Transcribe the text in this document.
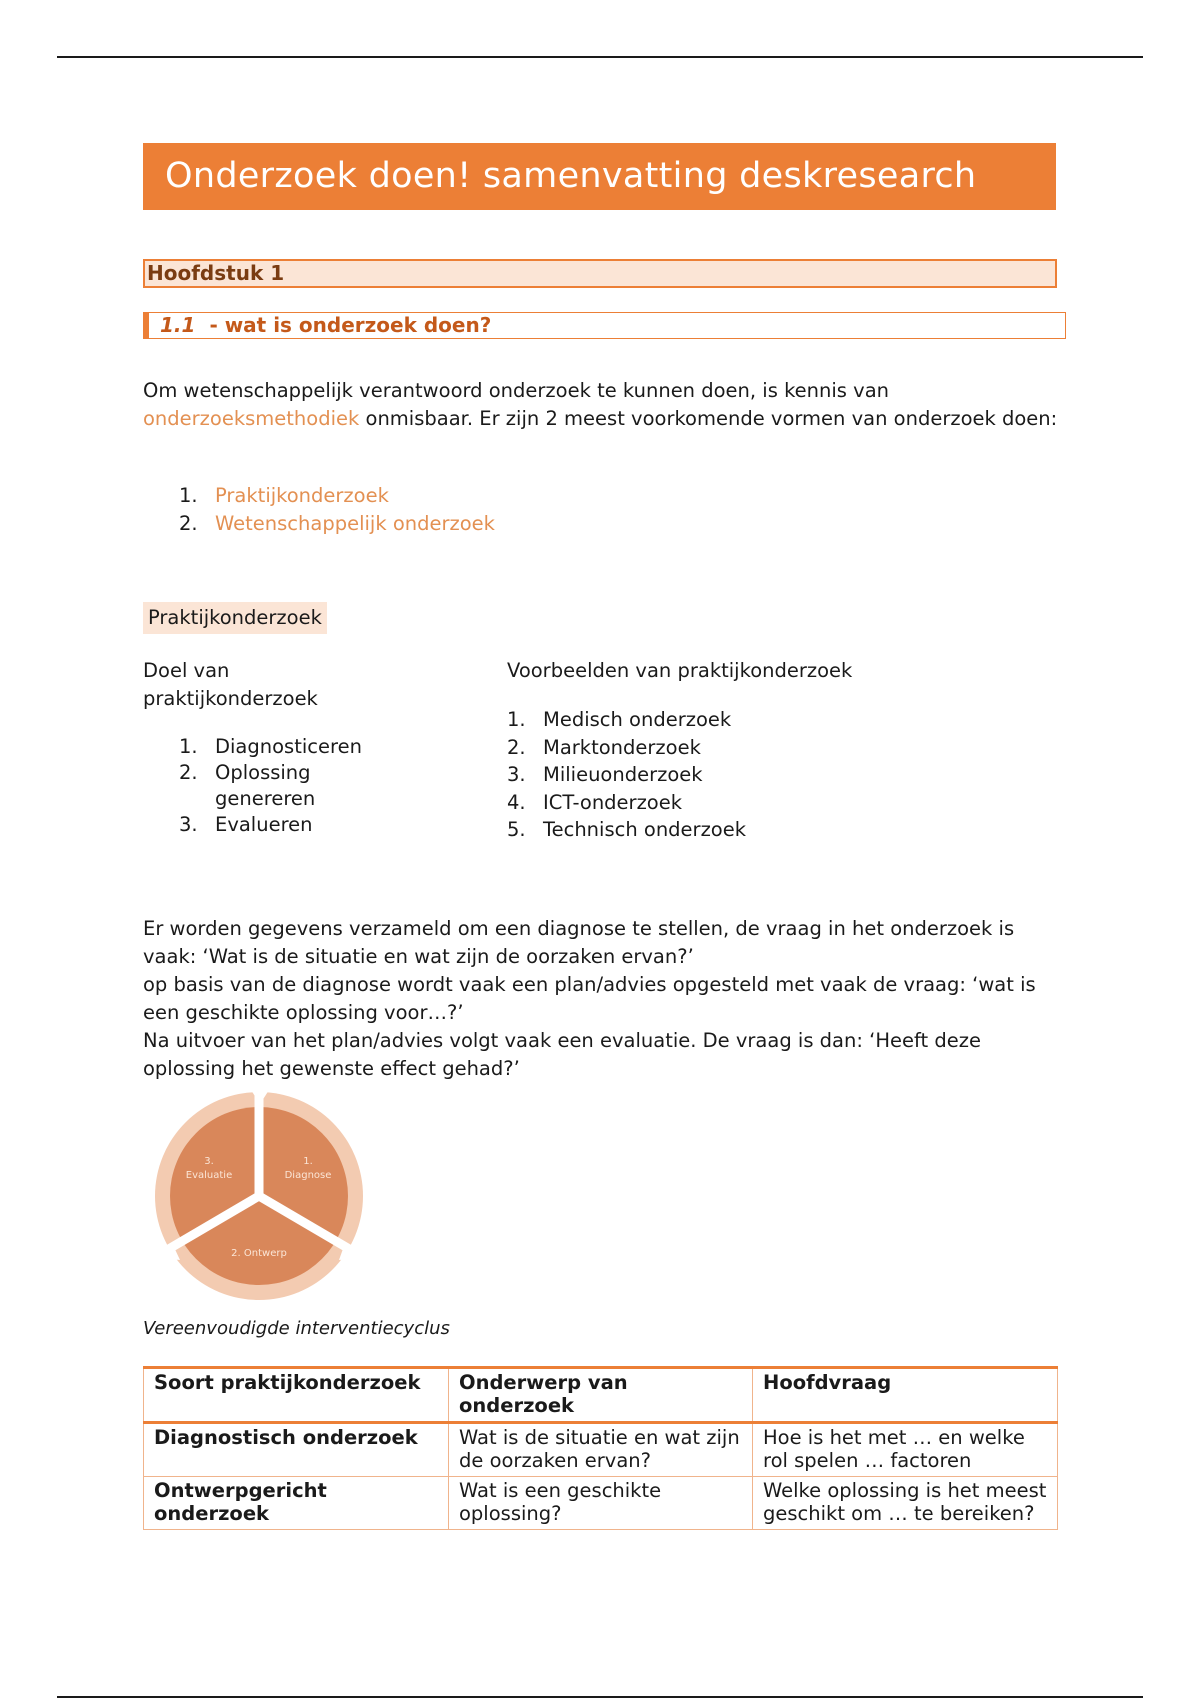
Onderzoek doen! samenvatting deskresearch
Hoofdstuk 1
1.1 - wat is onderzoek doen?
Om wetenschappelijk verantwoord onderzoek te kunnen doen, is kennis van onderzoeksmethodiek onmisbaar. Er zijn 2 meest voorkomende vormen van onderzoek doen:
1. Praktijkonderzoek
2. Wetenschappelijk onderzoek
Praktijkonderzoek
Doel van
praktijkonderzoek
1. Diagnosticeren
2. Oplossing genereren
3. Evalueren
Voorbeelden van praktijkonderzoek
1. Medisch onderzoek
2. Marktonderzoek
3. Milieuonderzoek
4. ICT-onderzoek
5. Technisch onderzoek
Er worden gegevens verzameld om een diagnose te stellen, de vraag in het onderzoek is vaak: ‘Wat is de situatie en wat zijn de oorzaken ervan?’
op basis van de diagnose wordt vaak een plan/advies opgesteld met vaak de vraag: ‘wat is een geschikte oplossing voor…?’
Na uitvoer van het plan/advies volgt vaak een evaluatie. De vraag is dan: ‘Heeft deze oplossing het gewenste effect gehad?’
1.
Diagnose
2. Ontwerp
3.
Evaluatie
Vereenvoudigde interventiecyclus
Soort praktijkonderzoek	Onderwerp van onderzoek	Hoofdvraag
Diagnostisch onderzoek	Wat is de situatie en wat zijn de oorzaken ervan?	Hoe is het met … en welke rol spelen … factoren
Ontwerpgericht onderzoek	Wat is een geschikte oplossing?	Welke oplossing is het meest geschikt om … te bereiken?
